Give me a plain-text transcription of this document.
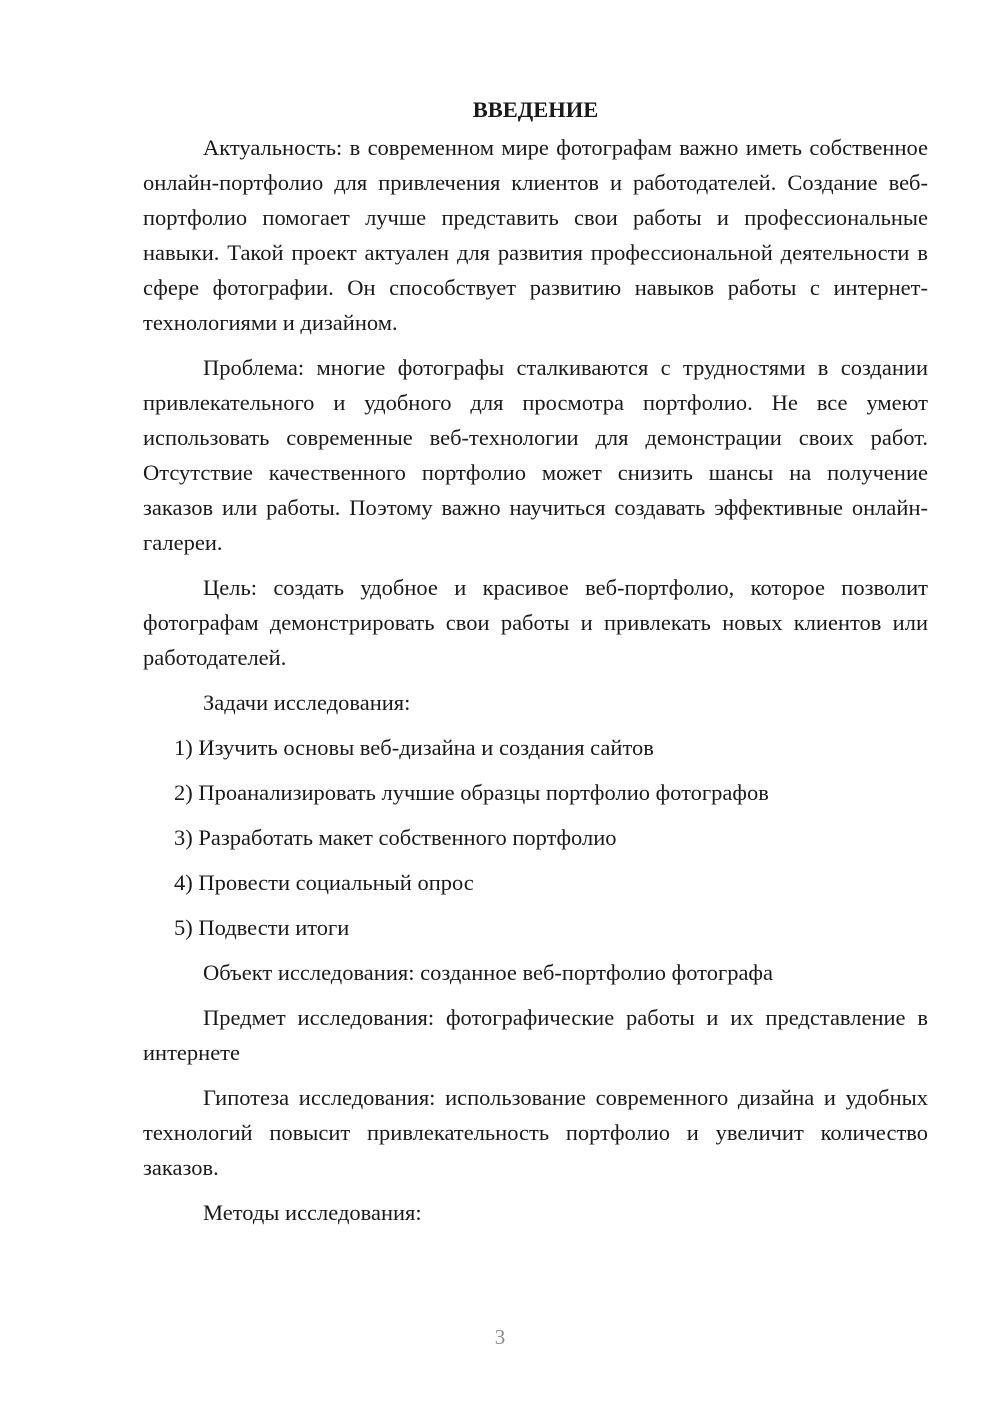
ВВЕДЕНИЕ

Актуальность: в современном мире фотографам важно иметь собственное онлайн-портфолио для привлечения клиентов и работодателей. Создание веб-портфолио помогает лучше представить свои работы и профессиональные навыки. Такой проект актуален для развития профессиональной деятельности в сфере фотографии. Он способствует развитию навыков работы с интернет-технологиями и дизайном.

Проблема: многие фотографы сталкиваются с трудностями в создании привлекательного и удобного для просмотра портфолио. Не все умеют использовать современные веб-технологии для демонстрации своих работ. Отсутствие качественного портфолио может снизить шансы на получение заказов или работы. Поэтому важно научиться создавать эффективные онлайн-галереи.

Цель: создать удобное и красивое веб-портфолио, которое позволит фотографам демонстрировать свои работы и привлекать новых клиентов или работодателей.

Задачи исследования:

1) Изучить основы веб-дизайна и создания сайтов
2) Проанализировать лучшие образцы портфолио фотографов
3) Разработать макет собственного портфолио
4) Провести социальный опрос
5) Подвести итоги

Объект исследования: созданное веб-портфолио фотографа

Предмет исследования: фотографические работы и их представление в интернете

Гипотеза исследования: использование современного дизайна и удобных технологий повысит привлекательность портфолио и увеличит количество заказов.

Методы исследования:

3
